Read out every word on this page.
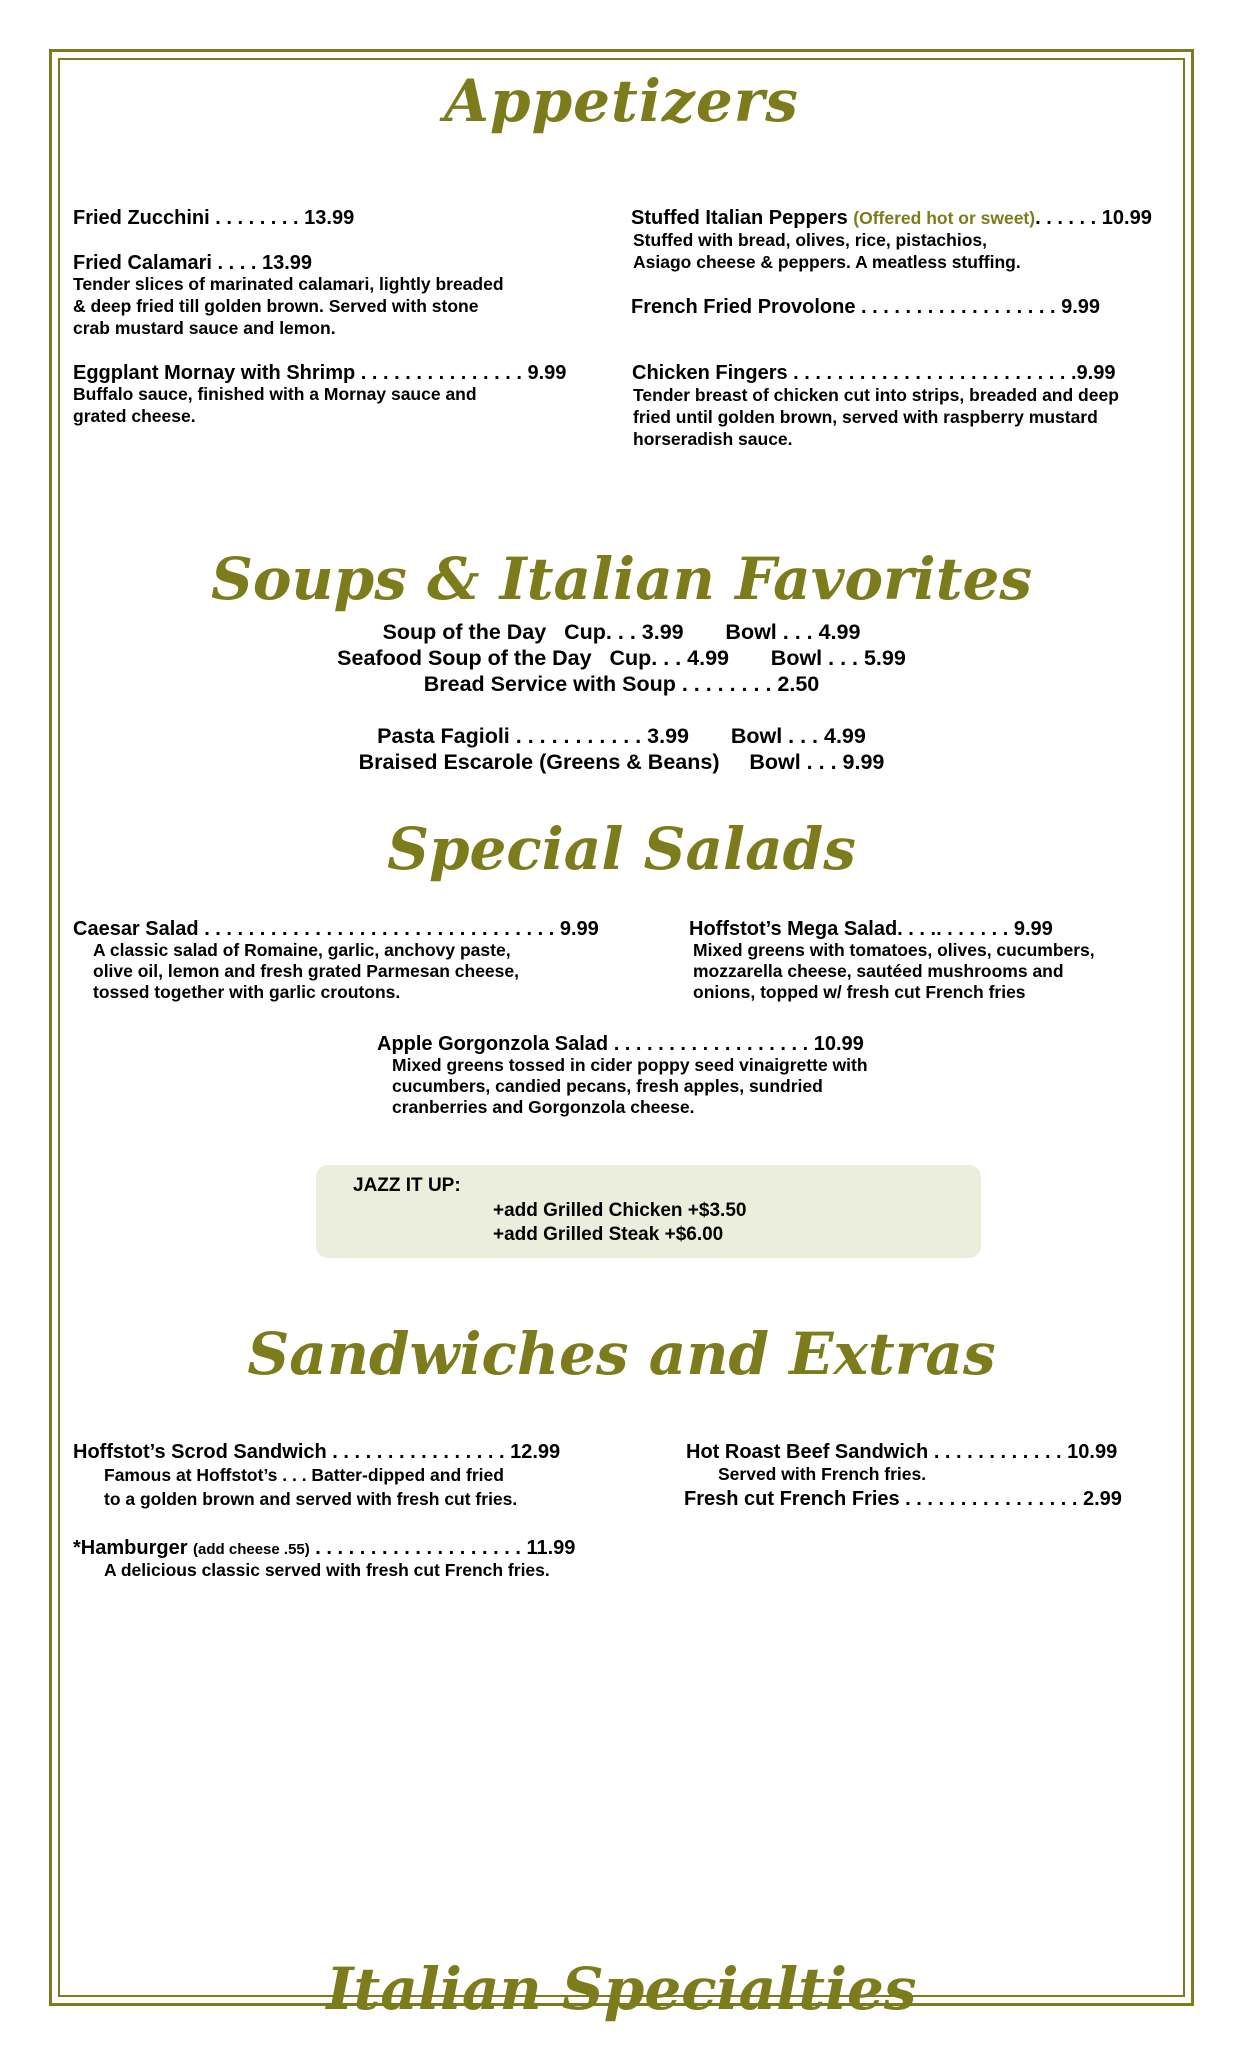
Appetizers
Fried Zucchini . . . . . . . . 13.99
Fried Calamari . . . . 13.99
Tender slices of marinated calamari, lightly breaded
& deep fried till golden brown. Served with stone
crab mustard sauce and lemon.
Eggplant Mornay with Shrimp . . . . . . . . . . . . . . . 9.99
Buffalo sauce, finished with a Mornay sauce and
grated cheese.
Stuffed Italian Peppers (Offered hot or sweet). . . . . . 10.99
Stuffed with bread, olives, rice, pistachios,
Asiago cheese & peppers. A meatless stuffing.
French Fried Provolone . . . . . . . . . . . . . . . . . . 9.99
Chicken Fingers . . . . . . . . . . . . . . . . . . . . . . . . . .9.99
Tender breast of chicken cut into strips, breaded and deep
fried until golden brown, served with raspberry mustard
horseradish sauce.
Soups & Italian Favorites
Soup of the Day   Cup. . . 3.99       Bowl . . . 4.99
Seafood Soup of the Day   Cup. . . 4.99       Bowl . . . 5.99
Bread Service with Soup . . . . . . . . 2.50
Pasta Fagioli . . . . . . . . . . . 3.99       Bowl . . . 4.99
Braised Escarole (Greens & Beans)     Bowl . . . 9.99
Special Salads
Caesar Salad . . . . . . . . . . . . . . . . . . . . . . . . . . . . . . . . 9.99
A classic salad of Romaine, garlic, anchovy paste,
olive oil, lemon and fresh grated Parmesan cheese,
tossed together with garlic croutons.
Hoffstot’s Mega Salad. . . .. . . . . . . 9.99
Mixed greens with tomatoes, olives, cucumbers,
mozzarella cheese, sautéed mushrooms and
onions, topped w/ fresh cut French fries
Apple Gorgonzola Salad . . . . . . . . . . . . . . . . . . 10.99
Mixed greens tossed in cider poppy seed vinaigrette with
cucumbers, candied pecans, fresh apples, sundried
cranberries and Gorgonzola cheese.
JAZZ IT UP:
+add Grilled Chicken +$3.50
+add Grilled Steak +$6.00
Sandwiches and Extras
Hoffstot’s Scrod Sandwich . . . . . . . . . . . . . . . . 12.99
Famous at Hoffstot’s . . . Batter-dipped and fried
to a golden brown and served with fresh cut fries.
*Hamburger (add cheese .55) . . . . . . . . . . . . . . . . . . . 11.99
A delicious classic served with fresh cut French fries.
Hot Roast Beef Sandwich . . . . . . . . . . . . 10.99
Served with French fries.
Fresh cut French Fries . . . . . . . . . . . . . . . . 2.99
Italian Specialties
